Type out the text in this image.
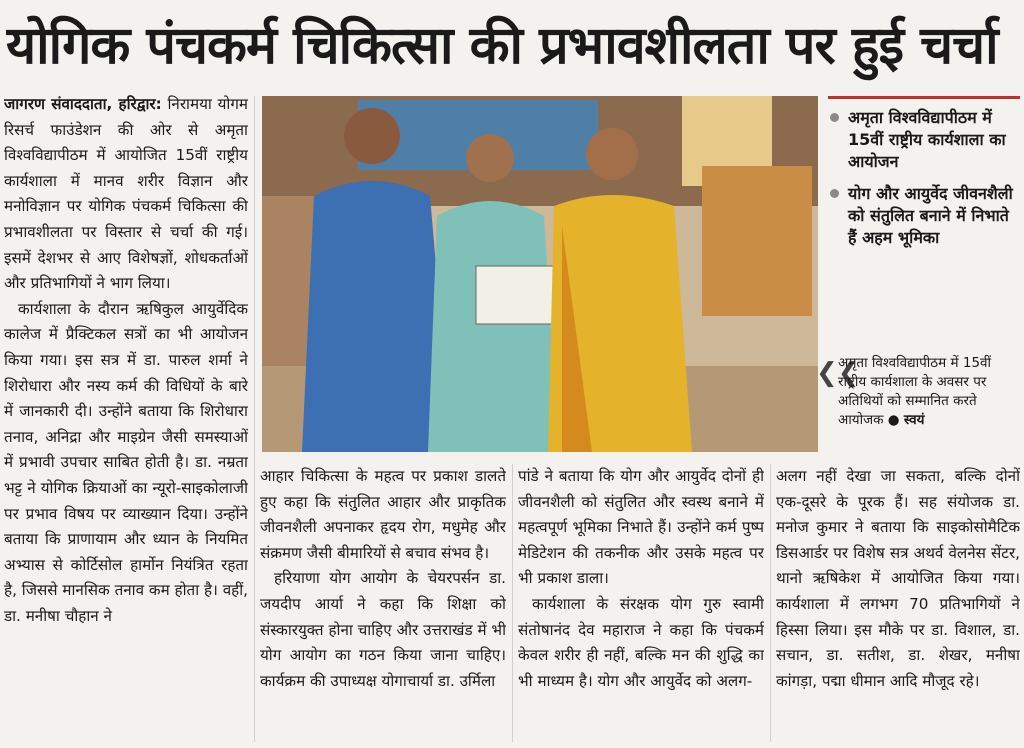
योगिक पंचकर्म चिकित्सा की प्रभावशीलता पर हुई चर्चा

जागरण संवाददाता, हरिद्वार: निरामया योगम रिसर्च फाउंडेशन की ओर से अमृता विश्वविद्यापीठम में आयोजित 15वीं राष्ट्रीय कार्यशाला में मानव शरीर विज्ञान और मनोविज्ञान पर योगिक पंचकर्म चिकित्सा की प्रभावशीलता पर विस्तार से चर्चा की गई। इसमें देशभर से आए विशेषज्ञों, शोधकर्ताओं और प्रतिभागियों ने भाग लिया।

कार्यशाला के दौरान ऋषिकुल आयुर्वेदिक कालेज में प्रैक्टिकल सत्रों का भी आयोजन किया गया। इस सत्र में डा. पारुल शर्मा ने शिरोधारा और नस्य कर्म की विधियों के बारे में जानकारी दी। उन्होंने बताया कि शिरोधारा तनाव, अनिद्रा और माइग्रेन जैसी समस्याओं में प्रभावी उपचार साबित होती है। डा. नम्रता भट्ट ने योगिक क्रियाओं का न्यूरो-साइकोलाजी पर प्रभाव विषय पर व्याख्यान दिया। उन्होंने बताया कि प्राणायाम और ध्यान के नियमित अभ्यास से कोर्टिसोल हार्मोन नियंत्रित रहता है, जिससे मानसिक तनाव कम होता है। वहीं, डा. मनीषा चौहान ने

अमृता विश्वविद्यापीठम में 15वीं राष्ट्रीय कार्यशाला का आयोजन
योग और आयुर्वेद जीवनशैली को संतुलित बनाने में निभाते हैं अहम भूमिका
❮❮
अमृता विश्वविद्यापीठम में 15वीं राष्ट्रीय कार्यशाला के अवसर पर अतिथियों को सम्मानित करते आयोजक ● स्वयं

आहार चिकित्सा के महत्व पर प्रकाश डालते हुए कहा कि संतुलित आहार और प्राकृतिक जीवनशैली अपनाकर हृदय रोग, मधुमेह और संक्रमण जैसी बीमारियों से बचाव संभव है।

हरियाणा योग आयोग के चेयरपर्सन डा. जयदीप आर्या ने कहा कि शिक्षा को संस्कारयुक्त होना चाहिए और उत्तराखंड में भी योग आयोग का गठन किया जाना चाहिए। कार्यक्रम की उपाध्यक्ष योगाचार्या डा. उर्मिला

पांडे ने बताया कि योग और आयुर्वेद दोनों ही जीवनशैली को संतुलित और स्वस्थ बनाने में महत्वपूर्ण भूमिका निभाते हैं। उन्होंने कर्म पुष्प मेडिटेशन की तकनीक और उसके महत्व पर भी प्रकाश डाला।

कार्यशाला के संरक्षक योग गुरु स्वामी संतोषानंद देव महाराज ने कहा कि पंचकर्म केवल शरीर ही नहीं, बल्कि मन की शुद्धि का भी माध्यम है। योग और आयुर्वेद को अलग-

अलग नहीं देखा जा सकता, बल्कि दोनों एक-दूसरे के पूरक हैं। सह संयोजक डा. मनोज कुमार ने बताया कि साइकोसोमैटिक डिसआर्डर पर विशेष सत्र अथर्व वेलनेस सेंटर, थानो ऋषिकेश में आयोजित किया गया। कार्यशाला में लगभग 70 प्रतिभागियों ने हिस्सा लिया। इस मौके पर डा. विशाल, डा. सचान, डा. सतीश, डा. शेखर, मनीषा कांगड़ा, पद्मा धीमान आदि मौजूद रहे।
